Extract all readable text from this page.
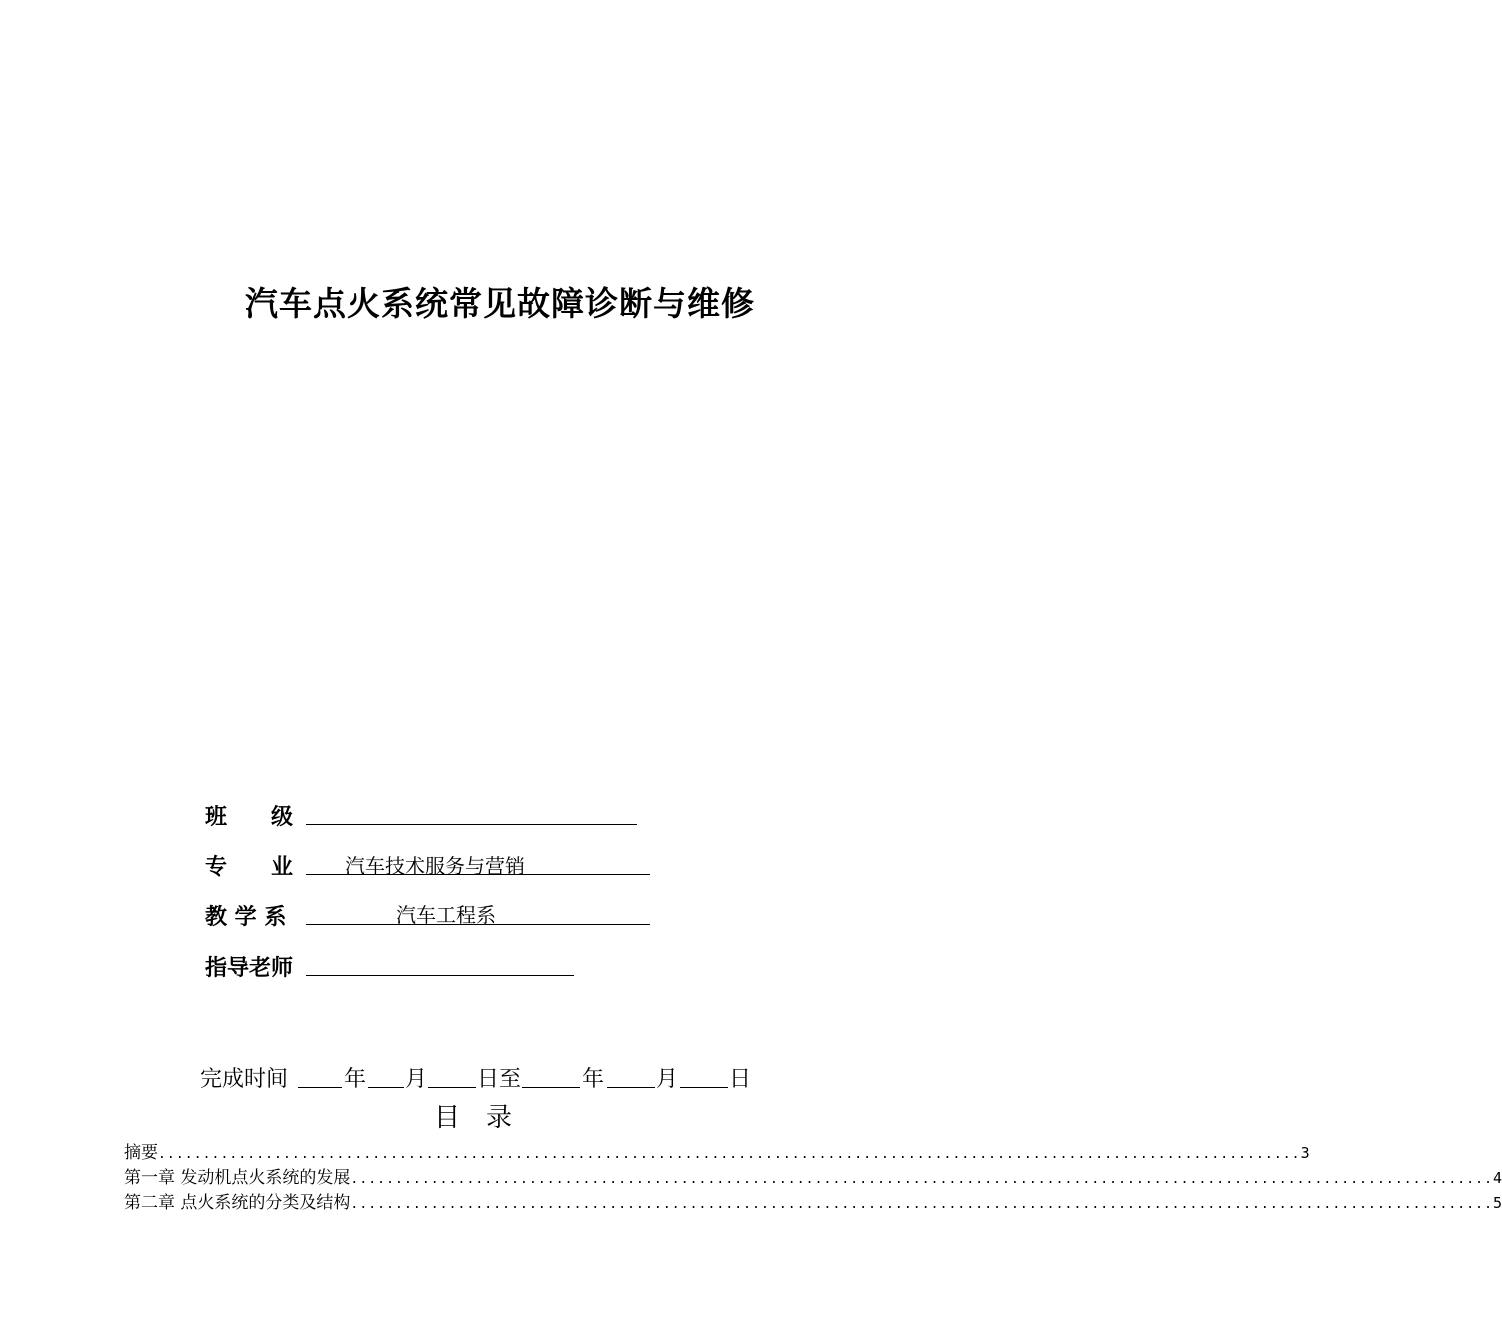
汽车点火系统常见故障诊断与维修
班　　级
专　　业	汽车技术服务与营销
教 学 系	汽车工程系
指导老师
完成时间	年 月 日至	年 月 日
目　录
摘要 ................................................................................................................................ 3
第一章 发动机点火系统的发展 ................................................................................................................................ 4
第二章 点火系统的分类及结构 ................................................................................................................................ 5
